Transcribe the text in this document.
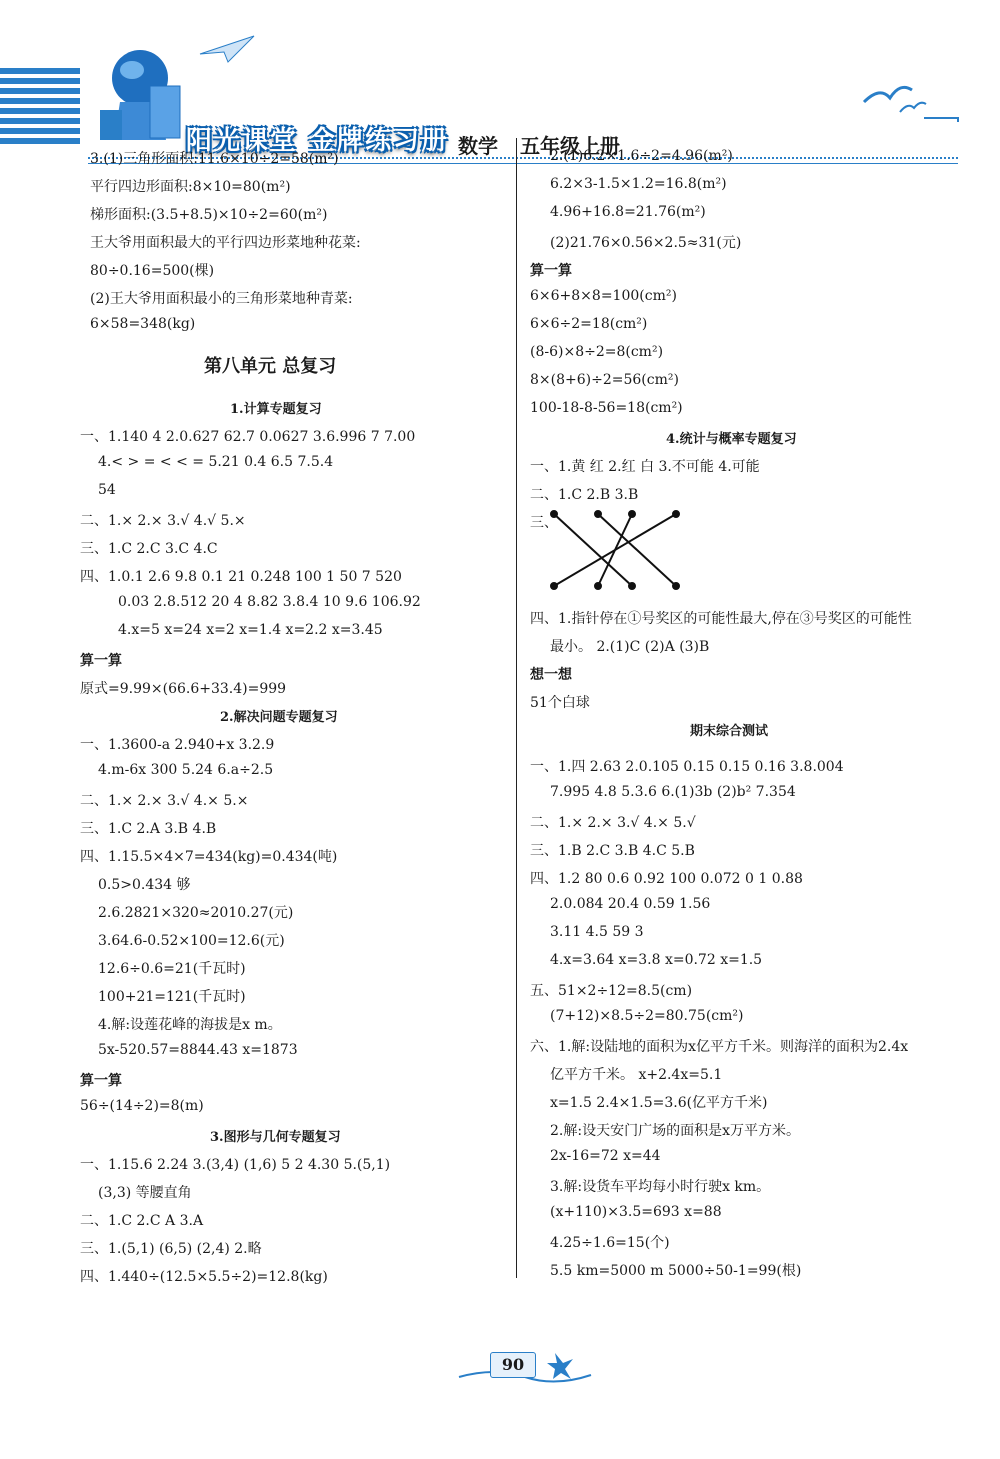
阳光课堂 金牌练习册 数学 五年级上册
3.(1)三角形面积:11.6×10÷2=58(m²)
平行四边形面积:8×10=80(m²)
梯形面积:(3.5+8.5)×10÷2=60(m²)
王大爷用面积最大的平行四边形菜地种花菜:
80÷0.16=500(棵)
(2)王大爷用面积最小的三角形菜地种青菜:
6×58=348(kg)
第八单元 总复习
1.计算专题复习
一、1.140 4 2.0.627 62.7 0.0627 3.6.996 7 7.00
4.< > = < < = 5.21 0.4 6.5 7.5.4
54
二、1.× 2.× 3.√ 4.√ 5.×
三、1.C 2.C 3.C 4.C
四、1.0.1 2.6 9.8 0.1 21 0.248 100 1 50 7 520
0.03 2.8.512 20 4 8.82 3.8.4 10 9.6 106.92
4.x=5 x=24 x=2 x=1.4 x=2.2 x=3.45
算一算
原式=9.99×(66.6+33.4)=999
2.解决问题专题复习
一、1.3600-a 2.940+x 3.2.9
4.m-6x 300 5.24 6.a÷2.5
二、1.× 2.× 3.√ 4.× 5.×
三、1.C 2.A 3.B 4.B
四、1.15.5×4×7=434(kg)=0.434(吨)
0.5>0.434 够
2.6.2821×320≈2010.27(元)
3.64.6-0.52×100=12.6(元)
12.6÷0.6=21(千瓦时)
100+21=121(千瓦时)
4.解:设莲花峰的海拔是x m。
5x-520.57=8844.43 x=1873
算一算
56÷(14÷2)=8(m)
3.图形与几何专题复习
一、1.15.6 2.24 3.(3,4) (1,6) 5 2 4.30 5.(5,1)
(3,3) 等腰直角
二、1.C 2.C A 3.A
三、1.(5,1) (6,5) (2,4) 2.略
四、1.440÷(12.5×5.5÷2)=12.8(kg)
2.(1)6.2×1.6÷2=4.96(m²)
6.2×3-1.5×1.2=16.8(m²)
4.96+16.8=21.76(m²)
(2)21.76×0.56×2.5≈31(元)
算一算
6×6+8×8=100(cm²)
6×6÷2=18(cm²)
(8-6)×8÷2=8(cm²)
8×(8+6)÷2=56(cm²)
100-18-8-56=18(cm²)
4.统计与概率专题复习
一、1.黄 红 2.红 白 3.不可能 4.可能
二、1.C 2.B 3.B
三、
四、1.指针停在①号奖区的可能性最大,停在③号奖区的可能性
最小。 2.(1)C (2)A (3)B
想一想
51个白球
期末综合测试
一、1.四 2.63 2.0.105 0.15 0.15 0.16 3.8.004
7.995 4.8 5.3.6 6.(1)3b (2)b² 7.354
二、1.× 2.× 3.√ 4.× 5.√
三、1.B 2.C 3.B 4.C 5.B
四、1.2 80 0.6 0.92 100 0.072 0 1 0.88
2.0.084 20.4 0.59 1.56
3.11 4.5 59 3
4.x=3.64 x=3.8 x=0.72 x=1.5
五、51×2÷12=8.5(cm)
(7+12)×8.5÷2=80.75(cm²)
六、1.解:设陆地的面积为x亿平方千米。则海洋的面积为2.4x
亿平方千米。 x+2.4x=5.1
x=1.5 2.4×1.5=3.6(亿平方千米)
2.解:设天安门广场的面积是x万平方米。
2x-16=72 x=44
3.解:设货车平均每小时行驶x km。
(x+110)×3.5=693 x=88
4.25÷1.6=15(个)
5.5 km=5000 m 5000÷50-1=99(根)
90
